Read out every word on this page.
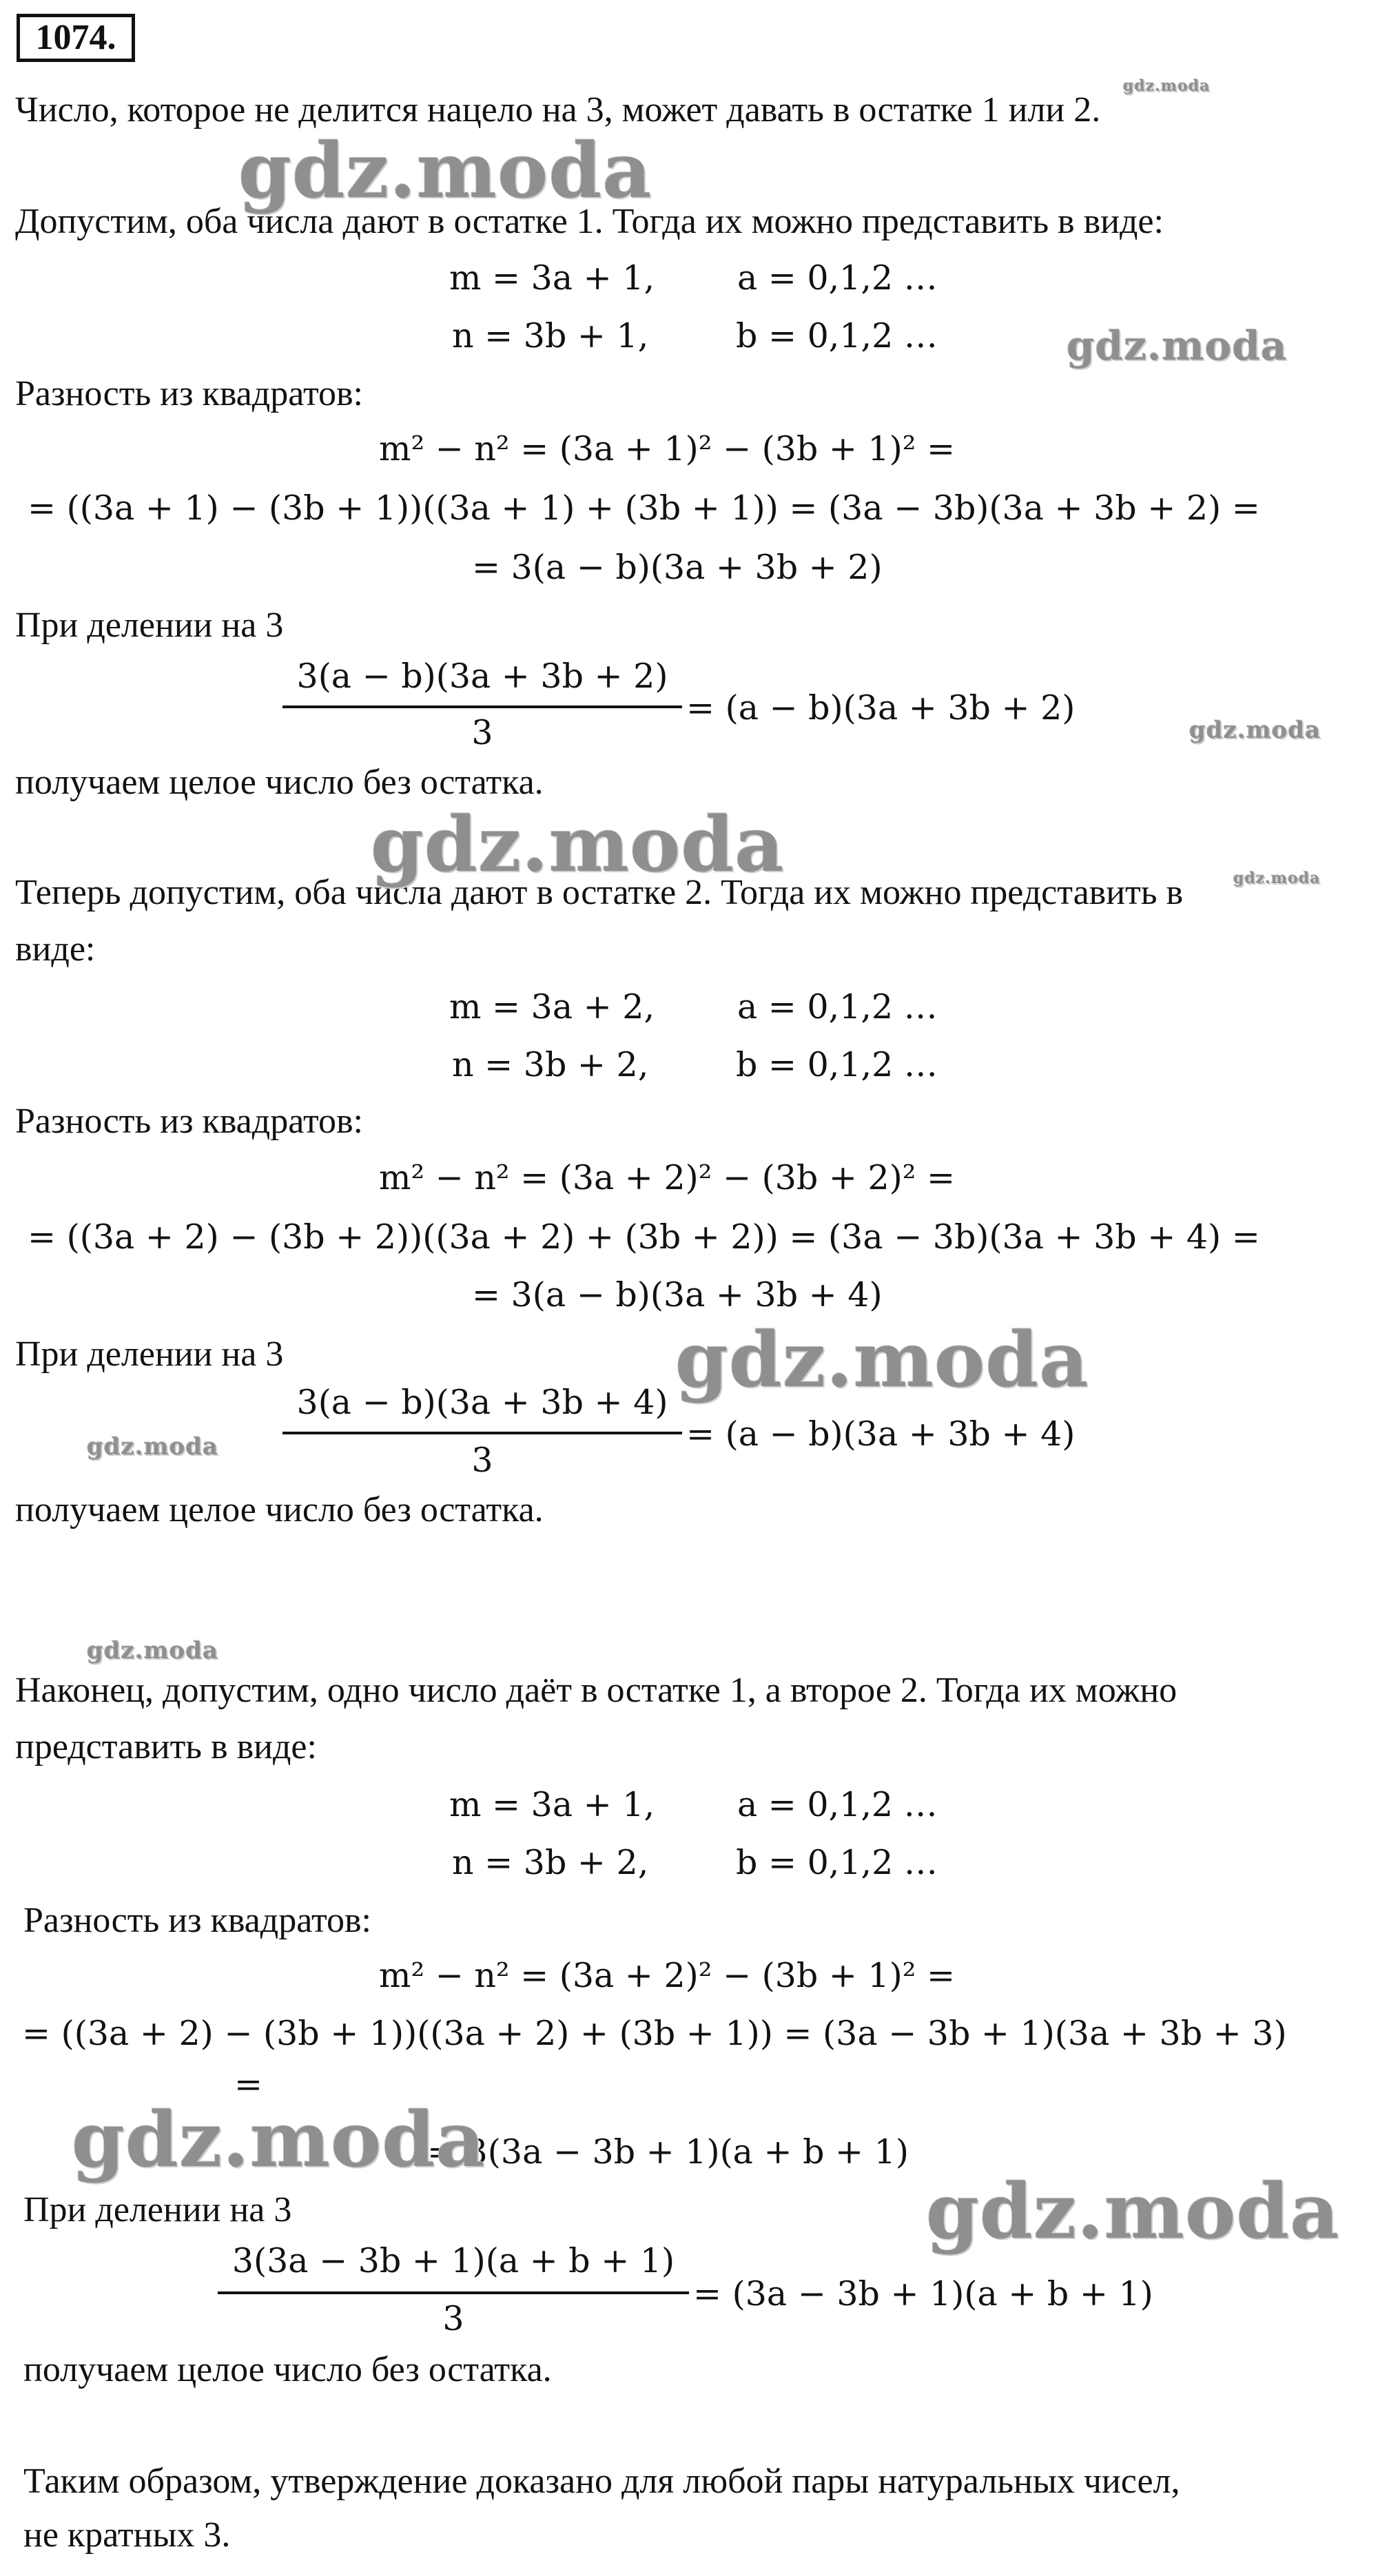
1074.
Число, которое не делится нацело на 3, может давать в остатке 1 или 2.
Допустим, оба числа дают в остатке 1. Тогда их можно представить в виде:
m = 3a + 1, a = 0,1,2 …
n = 3b + 1,	b = 0,1,2 …
Разность из квадратов:
m² − n² = (3a + 1)² − (3b + 1)² =
= ((3a + 1) − (3b + 1))((3a + 1) + (3b + 1)) = (3a − 3b)(3a + 3b + 2) =
= 3(a − b)(3a + 3b + 2)
При делении на 3
3(a − b)(3a + 3b + 2)
3
= (a − b)(3a + 3b + 2)
получаем целое число без остатка.
Теперь допустим, оба числа дают в остатке 2. Тогда их можно представить в
виде:
m = 3a + 2, a = 0,1,2 …
n = 3b + 2,	b = 0,1,2 …
Разность из квадратов:
m² − n² = (3a + 2)² − (3b + 2)² =
= ((3a + 2) − (3b + 2))((3a + 2) + (3b + 2)) = (3a − 3b)(3a + 3b + 4) =
= 3(a − b)(3a + 3b + 4)
При делении на 3
3(a − b)(3a + 3b + 4)
3
= (a − b)(3a + 3b + 4)
получаем целое число без остатка.
Наконец, допустим, одно число даёт в остатке 1, а второе 2. Тогда их можно
представить в виде:
m = 3a + 1, a = 0,1,2 …
n = 3b + 2,	b = 0,1,2 …
Разность из квадратов:
m² − n² = (3a + 2)² − (3b + 1)² =
= ((3a + 2) − (3b + 1))((3a + 2) + (3b + 1)) = (3a − 3b + 1)(3a + 3b + 3)
=
= 3(3a − 3b + 1)(a + b + 1)
При делении на 3
3(3a − 3b + 1)(a + b + 1)
3
= (3a − 3b + 1)(a + b + 1)
получаем целое число без остатка.
Таким образом, утверждение доказано для любой пары натуральных чисел,
не кратных 3.
gdz.moda
gdz.moda
gdz.moda
gdz.moda
gdz.moda	gdz.moda
gdz.moda
gdz.moda
gdz.moda
gdz.moda
gdz.moda
